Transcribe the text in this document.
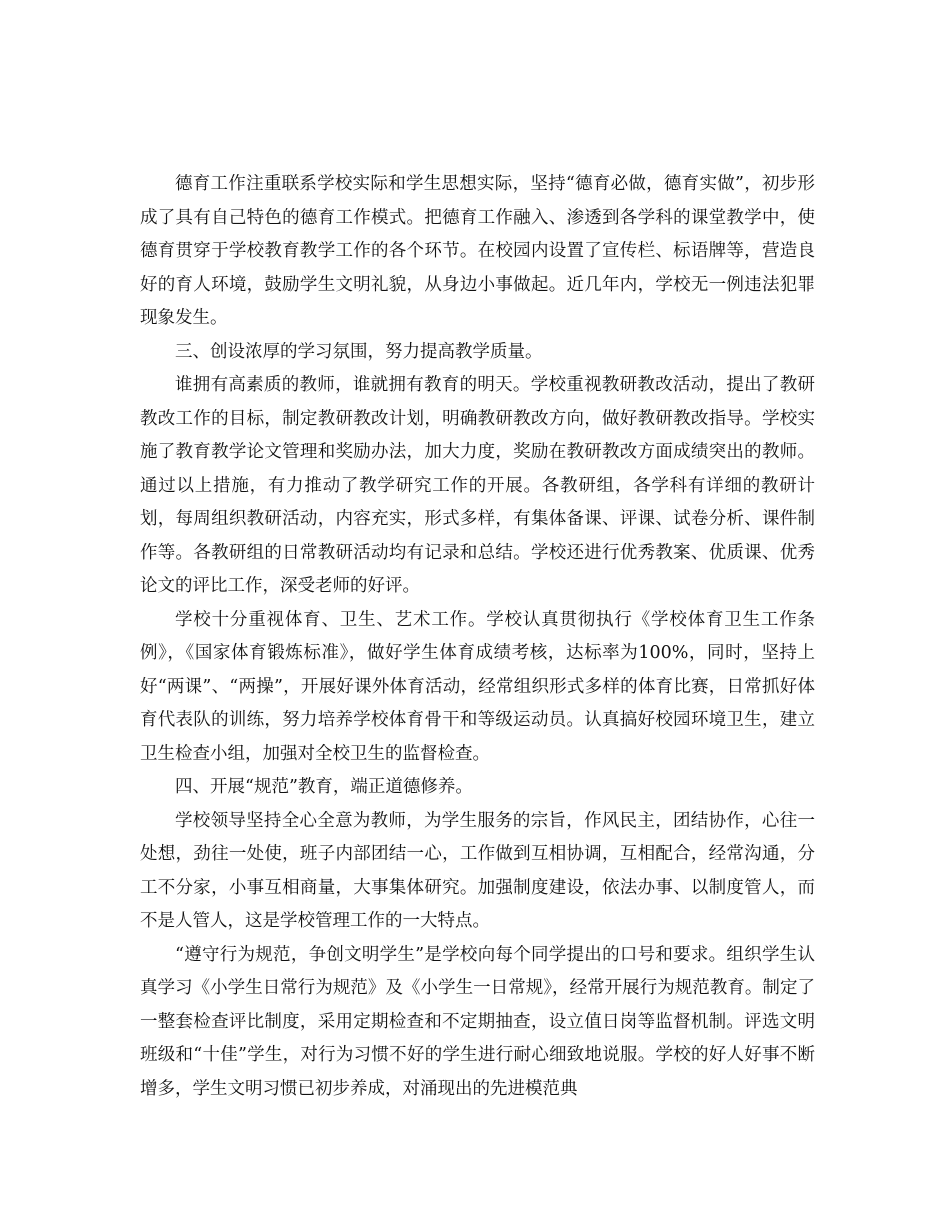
德育工作注重联系学校实际和学生思想实际，坚持“德育必做，德育实做”，初步形成了具有自己特色的德育工作模式。把德育工作融入、渗透到各学科的课堂教学中，使德育贯穿于学校教育教学工作的各个环节。在校园内设置了宣传栏、标语牌等，营造良好的育人环境，鼓励学生文明礼貌，从身边小事做起。近几年内，学校无一例违法犯罪现象发生。

三、创设浓厚的学习氛围，努力提高教学质量。

谁拥有高素质的教师，谁就拥有教育的明天。学校重视教研教改活动，提出了教研教改工作的目标，制定教研教改计划，明确教研教改方向，做好教研教改指导。学校实施了教育教学论文管理和奖励办法，加大力度，奖励在教研教改方面成绩突出的教师。通过以上措施，有力推动了教学研究工作的开展。各教研组，各学科有详细的教研计划，每周组织教研活动，内容充实，形式多样，有集体备课、评课、试卷分析、课件制作等。各教研组的日常教研活动均有记录和总结。学校还进行优秀教案、优质课、优秀论文的评比工作，深受老师的好评。

学校十分重视体育、卫生、艺术工作。学校认真贯彻执行《学校体育卫生工作条例》，《国家体育锻炼标准》，做好学生体育成绩考核，达标率为100%，同时，坚持上好“两课”、“两操”，开展好课外体育活动，经常组织形式多样的体育比赛，日常抓好体育代表队的训练，努力培养学校体育骨干和等级运动员。认真搞好校园环境卫生，建立卫生检查小组，加强对全校卫生的监督检查。

四、开展“规范”教育，端正道德修养。

学校领导坚持全心全意为教师，为学生服务的宗旨，作风民主，团结协作，心往一处想，劲往一处使，班子内部团结一心，工作做到互相协调，互相配合，经常沟通，分工不分家，小事互相商量，大事集体研究。加强制度建设，依法办事、以制度管人，而不是人管人，这是学校管理工作的一大特点。

“遵守行为规范，争创文明学生”是学校向每个同学提出的口号和要求。组织学生认真学习《小学生日常行为规范》及《小学生一日常规》，经常开展行为规范教育。制定了一整套检查评比制度，采用定期检查和不定期抽查，设立值日岗等监督机制。评选文明班级和“十佳”学生，对行为习惯不好的学生进行耐心细致地说服。学校的好人好事不断增多，学生文明习惯已初步养成，对涌现出的先进模范典
